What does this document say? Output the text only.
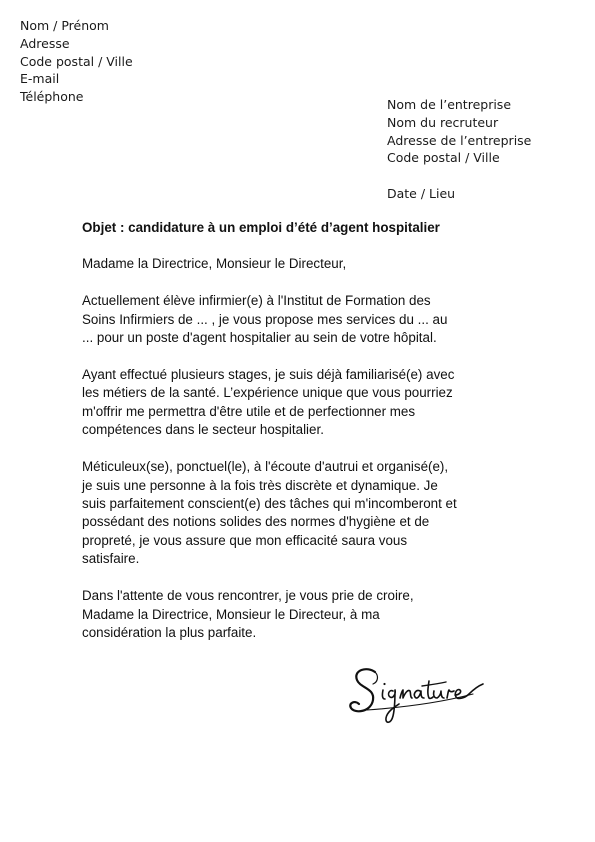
Nom / Prénom
Adresse
Code postal / Ville
E-mail
Téléphone
Nom de l’entreprise
Nom du recruteur
Adresse de l’entreprise
Code postal / Ville
Date / Lieu
Objet : candidature à un emploi d’été d’agent hospitalier
Madame la Directrice, Monsieur le Directeur,
Actuellement élève infirmier(e) à l'Institut de Formation des
Soins Infirmiers de ... , je vous propose mes services du ... au
... pour un poste d'agent hospitalier au sein de votre hôpital.
Ayant effectué plusieurs stages, je suis déjà familiarisé(e) avec
les métiers de la santé. L’expérience unique que vous pourriez
m'offrir me permettra d'être utile et de perfectionner mes
compétences dans le secteur hospitalier.
Méticuleux(se), ponctuel(le), à l'écoute d'autrui et organisé(e),
je suis une personne à la fois très discrète et dynamique. Je
suis parfaitement conscient(e) des tâches qui m'incomberont et
possédant des notions solides des normes d'hygiène et de
propreté, je vous assure que mon efficacité saura vous
satisfaire.
Dans l'attente de vous rencontrer, je vous prie de croire,
Madame la Directrice, Monsieur le Directeur, à ma
considération la plus parfaite.
